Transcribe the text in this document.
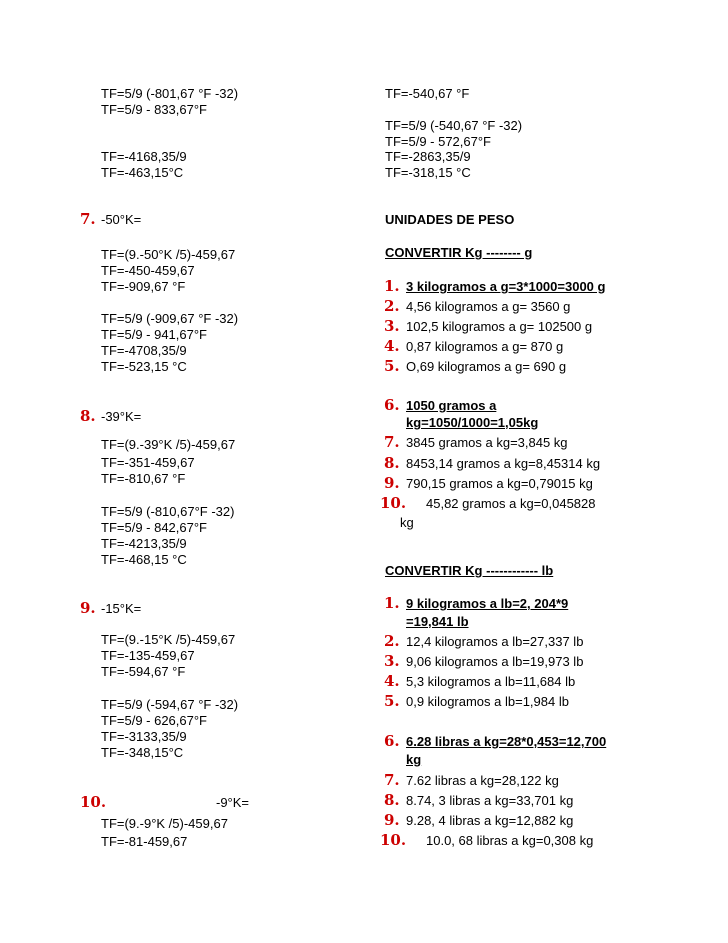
TF=5/9 (-801,67 °F -32)
TF=5/9 - 833,67°F
TF=-4168,35/9
TF=-463,15°C
7. -50°K=
TF=(9.-50°K /5)-459,67
TF=-450-459,67
TF=-909,67 °F
TF=5/9 (-909,67 °F -32)
TF=5/9 - 941,67°F
TF=-4708,35/9
TF=-523,15 °C
8. -39°K=
TF=(9.-39°K /5)-459,67
TF=-351-459,67
TF=-810,67 °F
TF=5/9 (-810,67°F -32)
TF=5/9 - 842,67°F
TF=-4213,35/9
TF=-468,15 °C
9. -15°K=
TF=(9.-15°K /5)-459,67
TF=-135-459,67
TF=-594,67 °F
TF=5/9 (-594,67 °F -32)
TF=5/9 - 626,67°F
TF=-3133,35/9
TF=-348,15°C
10.	-9°K=
TF=(9.-9°K /5)-459,67
TF=-81-459,67
TF=-540,67 °F
TF=5/9 (-540,67 °F -32)
TF=5/9 - 572,67°F
TF=-2863,35/9
TF=-318,15 °C
UNIDADES DE PESO
CONVERTIR Kg -------- g
1. 3 kilogramos a g=3*1000=3000 g
2. 4,56 kilogramos a g= 3560 g
3. 102,5 kilogramos a g= 102500 g
4. 0,87 kilogramos a g= 870 g
5. O,69 kilogramos a g= 690 g
6. 1050 gramos a
kg=1050/1000=1,05kg
7. 3845 gramos a kg=3,845 kg
8. 8453,14 gramos a kg=8,45314 kg
9. 790,15 gramos a kg=0,79015 kg
10. 45,82 gramos a kg=0,045828
kg
CONVERTIR Kg ------------ lb
1. 9 kilogramos a lb=2, 204*9
=19,841 lb
2. 12,4 kilogramos a lb=27,337 lb
3. 9,06 kilogramos a lb=19,973 lb
4. 5,3 kilogramos a lb=11,684 lb
5. 0,9 kilogramos a lb=1,984 lb
6. 6.28 libras a kg=28*0,453=12,700
kg
7. 7.62 libras a kg=28,122 kg
8. 8.74, 3 libras a kg=33,701 kg
9. 9.28, 4 libras a kg=12,882 kg
10. 10.0, 68 libras a kg=0,308 kg
